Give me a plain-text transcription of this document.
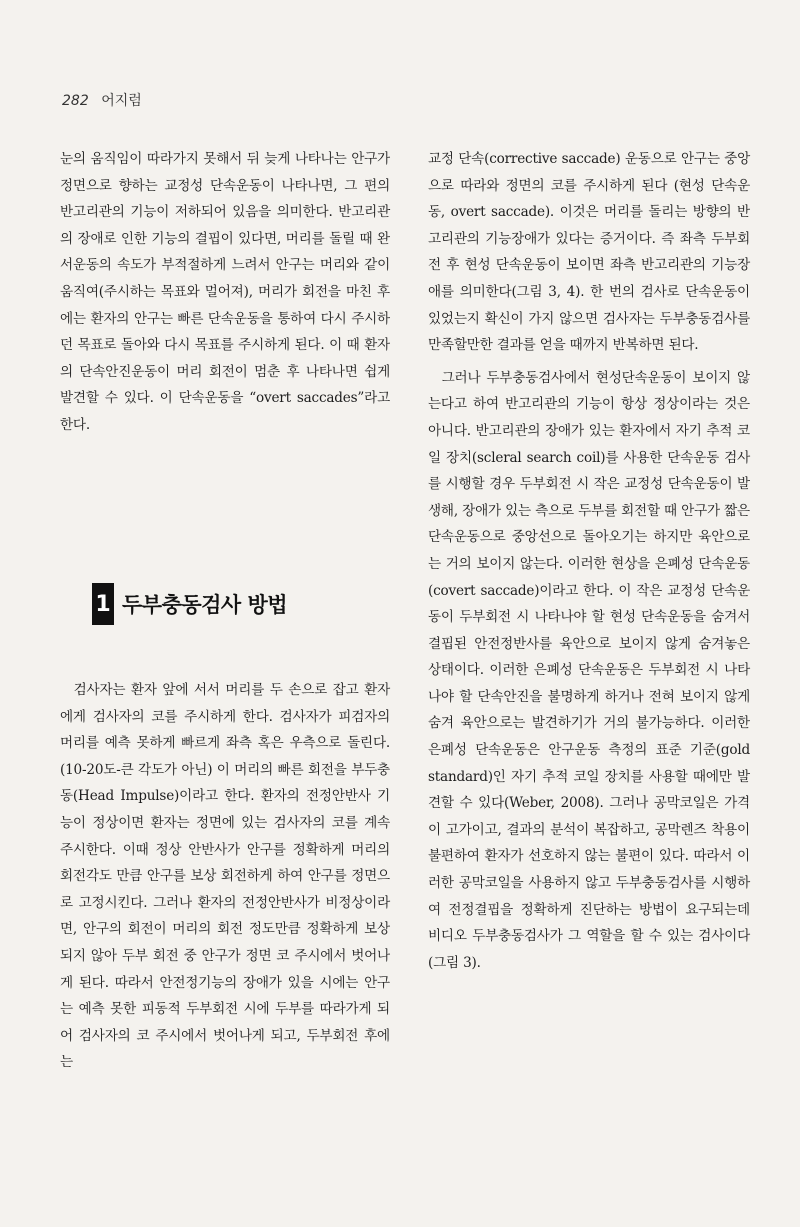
282 어지럼

눈의 움직임이 따라가지 못해서 뒤 늦게 나타나는 안구가 정면으로 향하는 교정성 단속운동이 나타나면, 그 편의 반고리관의 기능이 저하되어 있음을 의미한다. 반고리관의 장애로 인한 기능의 결핍이 있다면, 머리를 돌릴 때 완서운동의 속도가 부적절하게 느려서 안구는 머리와 같이 움직여(주시하는 목표와 멀어져), 머리가 회전을 마친 후에는 환자의 안구는 빠른 단속운동을 통하여 다시 주시하던 목표로 돌아와 다시 목표를 주시하게 된다. 이 때 환자의 단속안진운동이 머리 회전이 멈춘 후 나타나면 쉽게 발견할 수 있다. 이 단속운동을 “overt saccades”라고 한다.

1 두부충동검사 방법

검사자는 환자 앞에 서서 머리를 두 손으로 잡고 환자에게 검사자의 코를 주시하게 한다. 검사자가 피검자의 머리를 예측 못하게 빠르게 좌측 혹은 우측으로 돌린다. (10-20도-큰 각도가 아닌) 이 머리의 빠른 회전을 부두충동(Head Impulse)이라고 한다. 환자의 전정안반사 기능이 정상이면 환자는 정면에 있는 검사자의 코를 계속 주시한다. 이때 정상 안반사가 안구를 정확하게 머리의 회전각도 만큼 안구를 보상 회전하게 하여 안구를 정면으로 고정시킨다. 그러나 환자의 전정안반사가 비정상이라면, 안구의 회전이 머리의 회전 정도만큼 정확하게 보상되지 않아 두부 회전 중 안구가 정면 코 주시에서 벗어나게 된다. 따라서 안전정기능의 장애가 있을 시에는 안구는 예측 못한 피동적 두부회전 시에 두부를 따라가게 되어 검사자의 코 주시에서 벗어나게 되고, 두부회전 후에는

교정 단속(corrective saccade) 운동으로 안구는 중앙으로 따라와 정면의 코를 주시하게 된다 (현성 단속운동, overt saccade). 이것은 머리를 돌리는 방향의 반고리관의 기능장애가 있다는 증거이다. 즉 좌측 두부회전 후 현성 단속운동이 보이면 좌측 반고리관의 기능장애를 의미한다(그림 3, 4). 한 번의 검사로 단속운동이 있었는지 확신이 가지 않으면 검사자는 두부충동검사를 만족할만한 결과를 얻을 때까지 반복하면 된다.

그러나 두부충동검사에서 현성단속운동이 보이지 않는다고 하여 반고리관의 기능이 항상 정상이라는 것은 아니다. 반고리관의 장애가 있는 환자에서 자기 추적 코일 장치(scleral search coil)를 사용한 단속운동 검사를 시행할 경우 두부회전 시 작은 교정성 단속운동이 발생해, 장애가 있는 측으로 두부를 회전할 때 안구가 짧은 단속운동으로 중앙선으로 돌아오기는 하지만 육안으로는 거의 보이지 않는다. 이러한 현상을 은폐성 단속운동(covert saccade)이라고 한다. 이 작은 교정성 단속운동이 두부회전 시 나타나야 할 현성 단속운동을 숨겨서 결핍된 안전정반사를 육안으로 보이지 않게 숨겨놓은 상태이다. 이러한 은폐성 단속운동은 두부회전 시 나타나야 할 단속안진을 불명하게 하거나 전혀 보이지 않게 숨겨 육안으로는 발견하기가 거의 불가능하다. 이러한 은폐성 단속운동은 안구운동 측정의 표준 기준(gold standard)인 자기 추적 코일 장치를 사용할 때에만 발견할 수 있다(Weber, 2008). 그러나 공막코일은 가격이 고가이고, 결과의 분석이 복잡하고, 공막렌즈 착용이 불편하여 환자가 선호하지 않는 불편이 있다. 따라서 이러한 공막코일을 사용하지 않고 두부충동검사를 시행하여 전정결핍을 정확하게 진단하는 방법이 요구되는데 비디오 두부충동검사가 그 역할을 할 수 있는 검사이다(그림 3).
